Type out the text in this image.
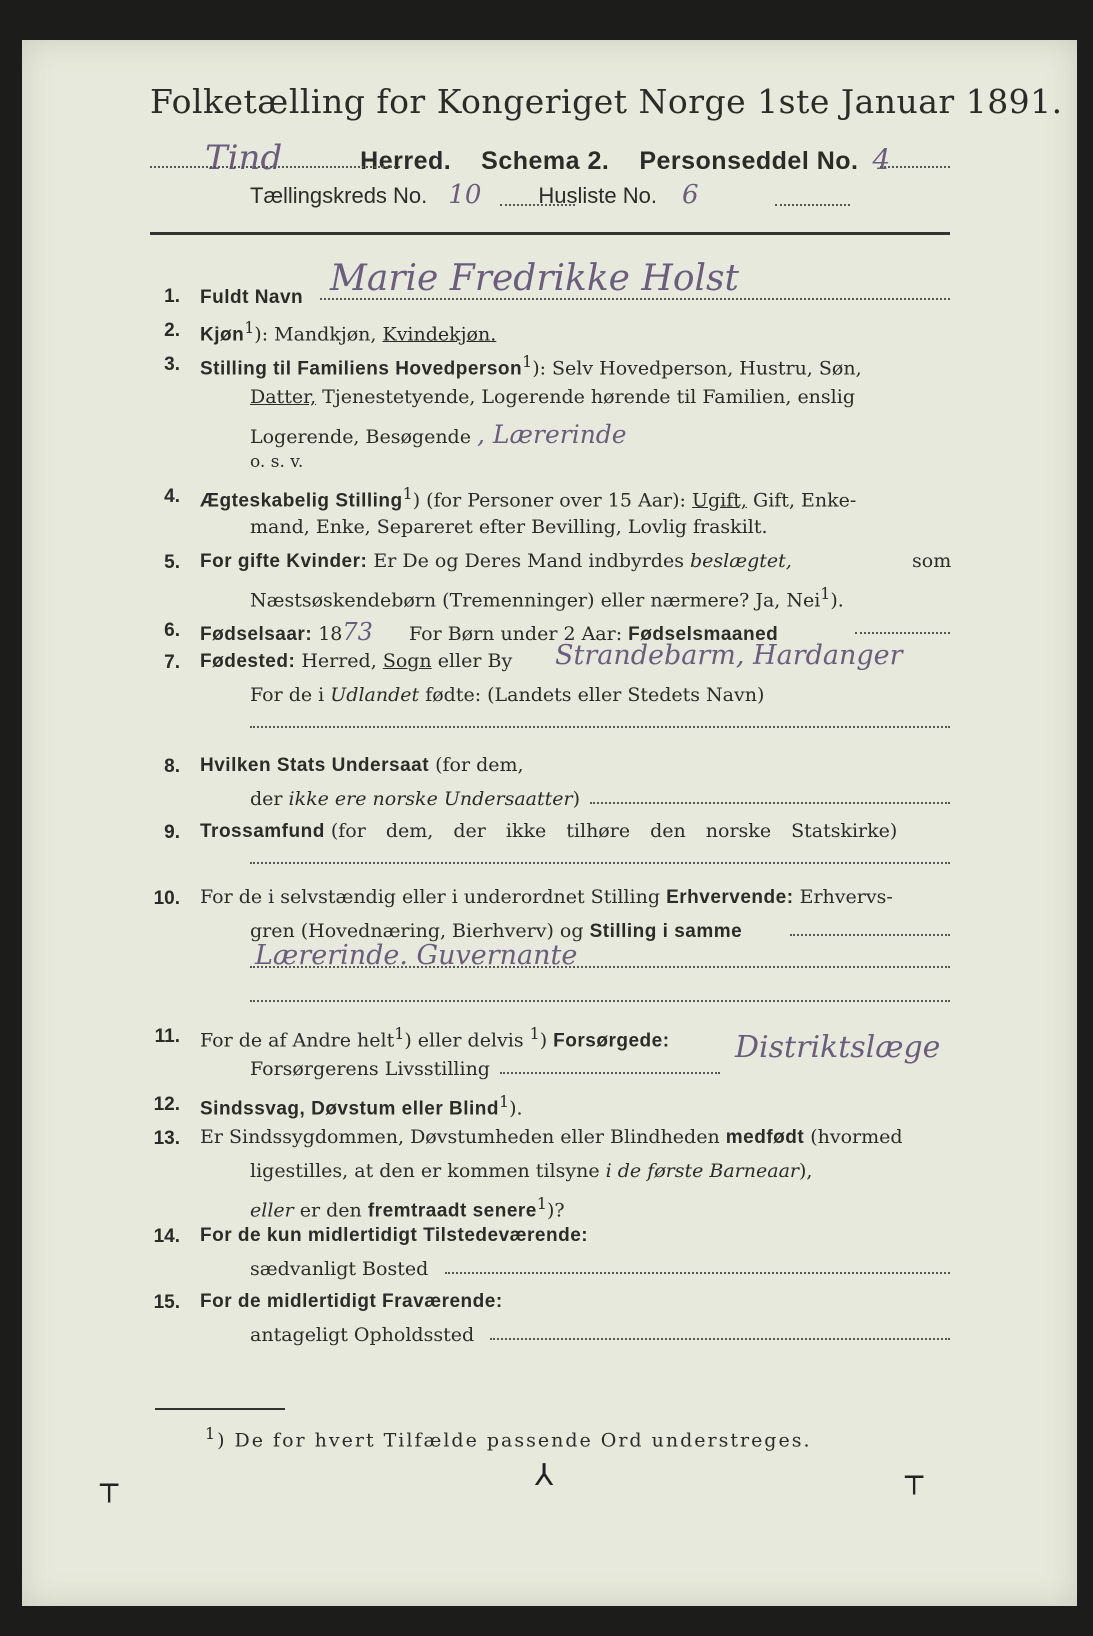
Folketælling for Kongeriget Norge 1ste Januar 1891.
Tind	Herred. Schema 2. Personseddel No. 4
Tællingskreds No. 10	Husliste No. 6
1. Fuldt Navn Marie Fredrikke Holst
2. Kjøn$^1$): Mandkjøn, Kvindekjøn.
3. Stilling til Familiens Hovedperson$^1$): Selv Hovedperson, Hustru, Søn,
Datter, Tjenestetyende, Logerende hørende til Familien, enslig
Logerende, Besøgende , Lærerinde
o. s. v.
4. Ægteskabelig Stilling$^1$) (for Personer over 15 Aar): Ugift, Gift, Enke-
mand, Enke, Separeret efter Bevilling, Lovlig fraskilt.
5. For gifte Kvinder: Er De og Deres Mand indbyrdes beslægtet,	som
Næstsøskendebørn (Tremenninger) eller nærmere? Ja, Nei$^1$).
6. Fødselsaar: 1873 For Børn under 2 Aar: Fødselsmaaned
7. Fødested: Herred, Sogn eller By Strandebarm, Hardanger
For de i Udlandet fødte: (Landets eller Stedets Navn)
8. Hvilken Stats Undersaat (for dem,
der ikke ere norske Undersaatter)
9. Trossamfund (for dem, der ikke tilhøre den norske Statskirke)
10. For de i selvstændig eller i underordnet Stilling Erhvervende: Erhvervs-
gren (Hovednæring, Bierhverv) og Stilling i samme
Lærerinde. Guvernante
11. For de af Andre helt$^1$) eller delvis $^1$) Forsørgede: Distriktslæge
Forsørgerens Livsstilling
12. Sindssvag, Døvstum eller Blind$^1$).
13. Er Sindssygdommen, Døvstumheden eller Blindheden medfødt (hvormed
ligestilles, at den er kommen tilsyne i de første Barneaar),
eller er den fremtraadt senere$^1$)?
14. For de kun midlertidigt Tilstedeværende:
sædvanligt Bosted
15. For de midlertidigt Fraværende:
antageligt Opholdssted
$^1$) De for hvert Tilfælde passende Ord understreges.
┬	⅄	┬
